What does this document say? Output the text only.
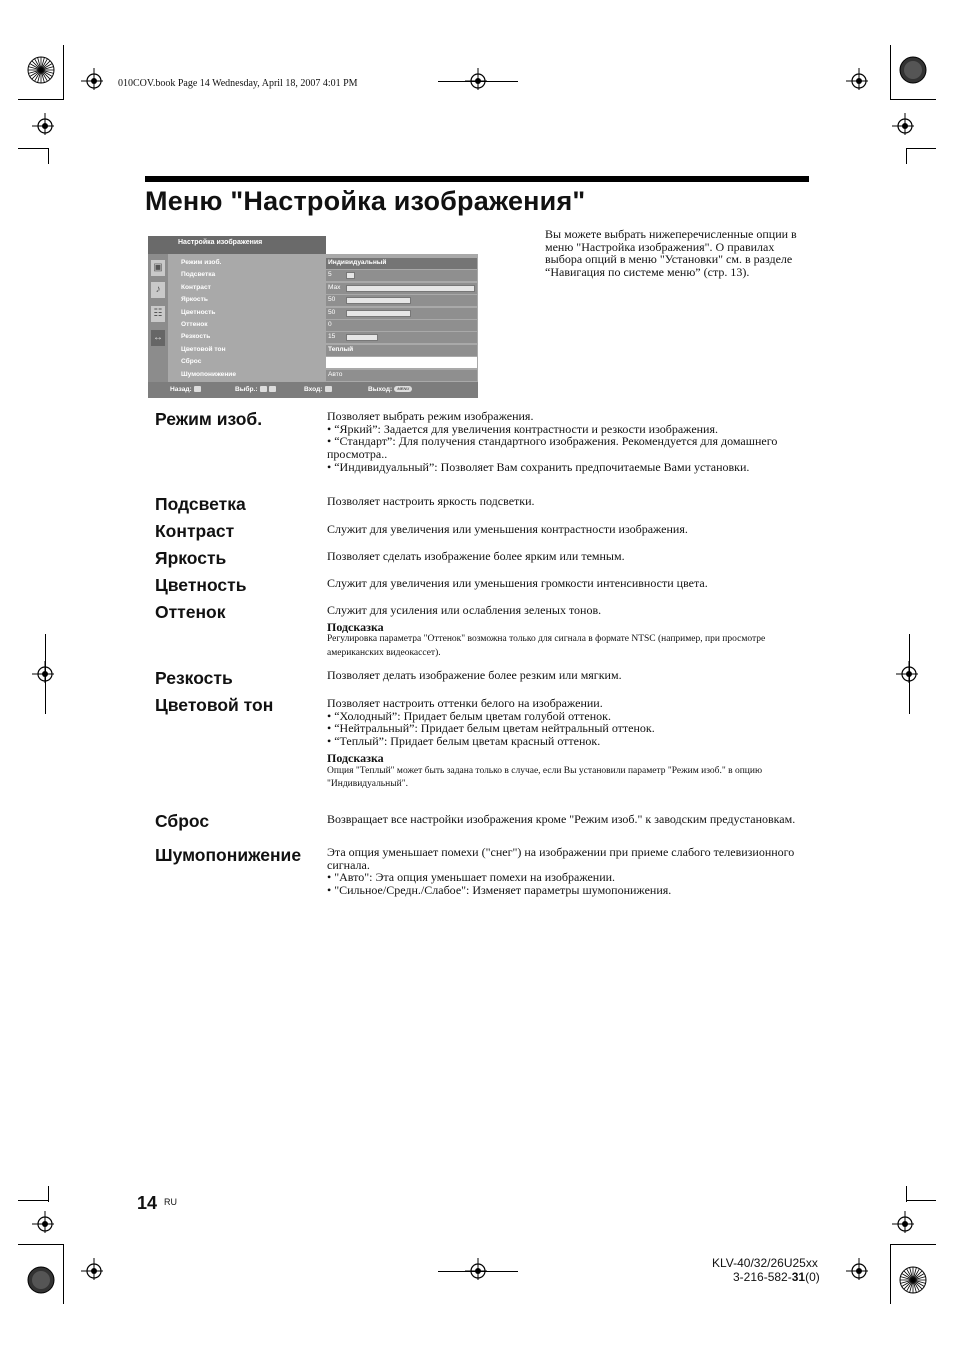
010COV.book Page 14 Wednesday, April 18, 2007 4:01 PM
Меню "Настройка изображения"
Вы можете выбрать нижеперечисленные опции в меню "Настройка изображения". О правилах выбора опций в меню "Установки" см. в разделе “Навигация по системе меню” (стр. 13).
Настройка изображения
▣
♪
☷
↔
Режим изоб.	Индивидуальный
Подсветка	5
Контраст	Max
Яркость	50
Цветность	50
Оттенок	0
Резкость	15
Цветовой тон	Теплый
Сброс
Шумопонижение	Авто
Назад:	Выбр.:	Вход:	Выход: MENU
Режим изоб.	Позволяет выбрать режим изображения.

• “Яркий”: Задается для увеличения контрастности и резкости изображения.

• “Стандарт”: Для получения стандартного изображения. Рекомендуется для домашнего просмотра..

• “Индивидуальный”: Позволяет Вам сохранить предпочитаемые Вами установки.

Подсветка	Позволяет настроить яркость подсветки.
Контраст	Служит для увеличения или уменьшения контрастности изображения.
Яркость	Позволяет сделать изображение более ярким или темным.
Цветность	Служит для увеличения или уменьшения громкости интенсивности цвета.
Оттенок	Служит для усиления или ослабления зеленых тонов.

Подсказка

Регулировка параметра "Оттенок" возможна только для сигнала в формате NTSC (например, при просмотре американских видеокассет).

Резкость	Позволяет делать изображение более резким или мягким.
Цветовой тон	Позволяет настроить оттенки белого на изображении.

• “Холодный”: Придает белым цветам голубой оттенок.

• “Нейтральный”: Придает белым цветам нейтральный оттенок.

• “Теплый”: Придает белым цветам красный оттенок.

Подсказка

Опция "Теплый" может быть задана только в случае, если Вы установили параметр "Режим изоб." в опцию "Индивидуальный".

Сброс	Возвращает все настройки изображения кроме "Режим изоб." к заводским предустановкам.
Шумопонижение Эта опция уменьшает помехи ("снег") на изображении при приеме слабого телевизионного сигнала.

• "Авто": Эта опция уменьшает помехи на изображении.

• "Сильное/Средн./Слабое": Изменяет параметры шумопонижения.

14 RU
KLV-40/32/26U25xx
3-216-582-31(0)
